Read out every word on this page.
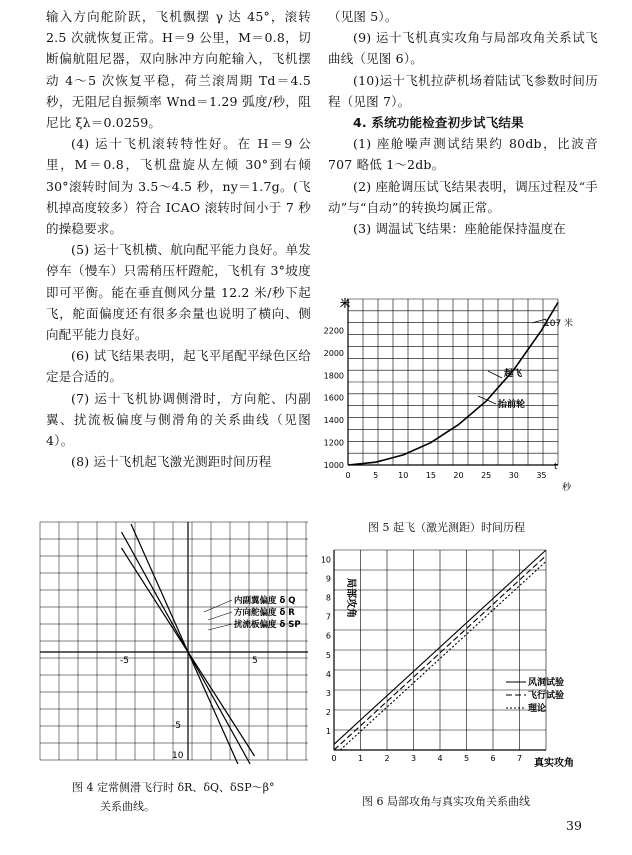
输入方向舵阶跃，飞机飘摆 γ 达 45°，滚转 2.5 次就恢复正常。H＝9 公里，M＝0.8，切断偏航阻尼器，双向脉冲方向舵输入，飞机摆动 4～5 次恢复平稳，荷兰滚周期 Td＝4.5 秒，无阻尼自振频率 Wnd＝1.29 弧度/秒，阻尼比 ξλ＝0.0259。

(4) 运十飞机滚转特性好。在 H＝9 公里，M＝0.8，飞机盘旋从左倾 30°到右倾 30°滚转时间为 3.5～4.5 秒，ny＝1.7g。(飞机掉高度较多）符合 ICAO 滚转时间小于 7 秒的操稳要求。

(5) 运十飞机横、航向配平能力良好。单发停车（慢车）只需稍压杆蹬舵，飞机有 3°坡度即可平衡。能在垂直侧风分量 12.2 米/秒下起飞，舵面偏度还有很多余量也说明了横向、侧向配平能力良好。

(6) 试飞结果表明，起飞平尾配平绿色区给定是合适的。

(7) 运十飞机协调侧滑时，方向舵、内副翼、扰流板偏度与侧滑角的关系曲线（见图 4）。

(8) 运十飞机起飞激光测距时间历程

（见图 5）。

(9) 运十飞机真实攻角与局部攻角关系试飞曲线（见图 6）。

(10)运十飞机拉萨机场着陆试飞参数时间历程（见图 7）。

4. 系统功能检查初步试飞结果

(1) 座舱噪声测试结果约 80db，比波音 707 略低 1～2db。

(2) 座舱调压试飞结果表明，调压过程及“手动”与“自动”的转换均属正常。

(3) 调温试飞结果：座舱能保持温度在

2200
2000
1800
1600
1400
1200
1000
0	5 10 15 20 25 30 35
米
t
秒
107 米
起飞
抬前轮
图 5 起飞（激光测距）时间历程
-5	5
-5
10
内副翼偏度 δ Q
方向舵偏度 δ R
扰流板偏度 δ SP
图 4 定常侧滑飞行时 δR、δQ、δSP～β°
关系曲线。
10
9
8
7
6
5
4
3
2
1
0	1	2	3	4	5	6	7
局部攻角
真实攻角
风洞试验
飞行试验
理论
图 6 局部攻角与真实攻角关系曲线
39
